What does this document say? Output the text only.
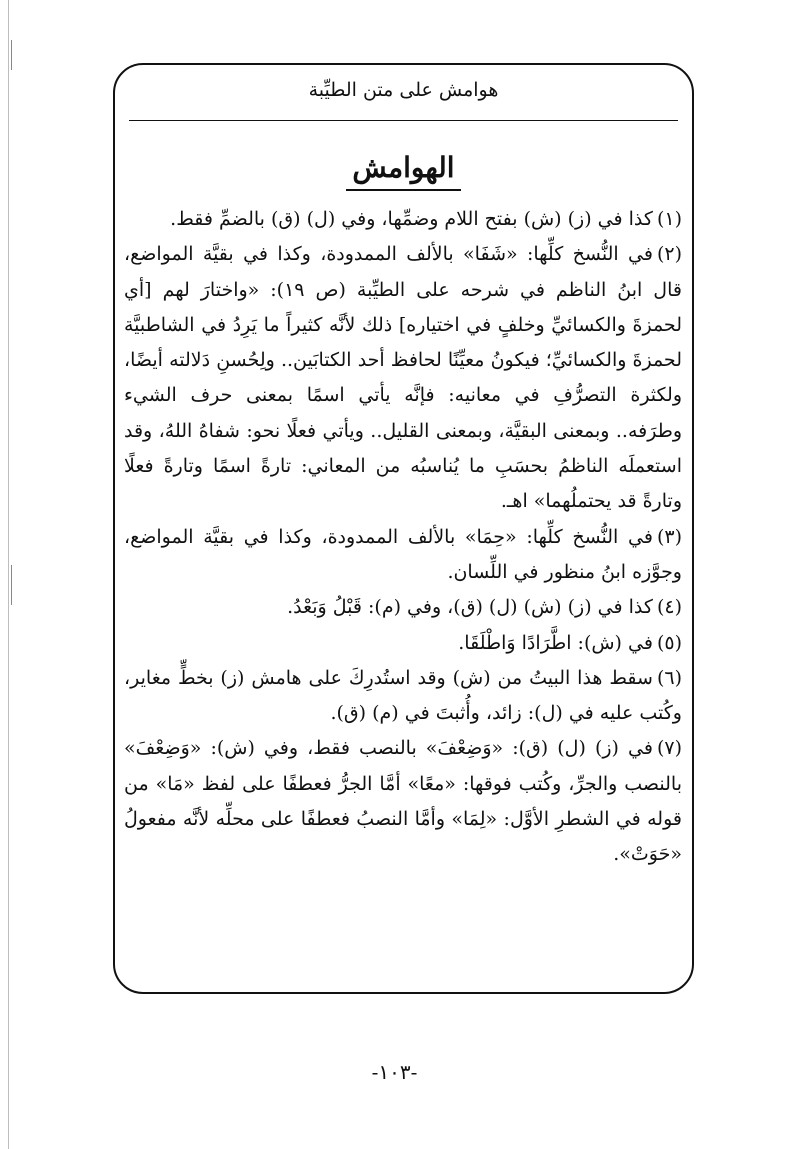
هوامش على متن الطيِّبة
الهوامش

(١)كذا في (ز) (ش) بفتح اللام وضمِّها، وفي (ل) (ق) بالضمِّ فقط.

(٢)في النُّسخ كلِّها: «شَفَا» بالألف الممدودة، وكذا في بقيَّة المواضع، قال ابنُ الناظم في شرحه على الطيِّبة (ص ١٩): «واختارَ لهم [أي لحمزةَ والكسائيِّ وخلفٍ في اختياره] ذلك لأنَّه كثيراً ما يَرِدُ في الشاطبيَّة لحمزةَ والكسائيِّ؛ فيكونُ معيِّنًا لحافظ أحد الكتابَين.. ولِحُسنِ دَلالته أيضًا، ولكثرة التصرُّفِ في معانيه: فإنَّه يأتي اسمًا بمعنى حرف الشيء وطرَفه.. وبمعنى البقيَّة، وبمعنى القليل.. ويأتي فعلًا نحو: شفاهُ اللهُ، وقد استعملَه الناظمُ بحسَبِ ما يُناسبُه من المعاني: تارةً اسمًا وتارةً فعلًا وتارةً قد يحتملُهما» اهـ.

(٣)في النُّسخ كلِّها: «حِمَا» بالألف الممدودة، وكذا في بقيَّة المواضع، وجوَّزه ابنُ منظور في اللِّسان.

(٤)كذا في (ز) (ش) (ل) (ق)، وفي (م): قَبْلُ وَبَعْدُ.

(٥)في (ش): اطَّرَادًا وَاطْلَقَا.

(٦)سقط هذا البيتُ من (ش) وقد استُدرِكَ على هامش (ز) بخطٍّ مغاير، وكُتب عليه في (ل): زائد، وأُثبتَ في (م) (ق).

(٧)في (ز) (ل) (ق): «وَضِعْفَ» بالنصب فقط، وفي (ش): «وَضِعْفَ» بالنصب والجرِّ، وكُتب فوقها: «معًا» أمَّا الجرُّ فعطفًا على لفظ «مَا» من قوله في الشطرِ الأوَّل: «لِمَا» وأمَّا النصبُ فعطفًا على محلِّه لأنَّه مفعولُ «حَوَتْ».

-١٠٣-
